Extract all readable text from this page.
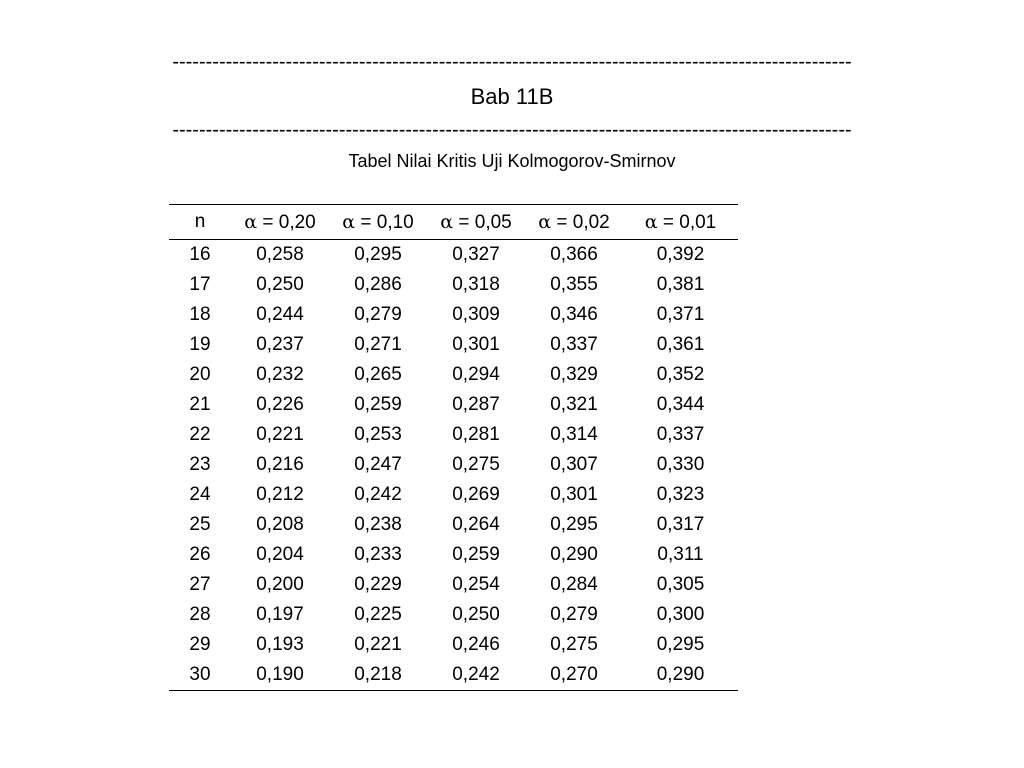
------------------------------------------------------------------------------------------------------
Bab 11B
------------------------------------------------------------------------------------------------------
Tabel Nilai Kritis Uji Kolmogorov-Smirnov
n	α = 0,20	α = 0,10	α = 0,05	α = 0,02	α = 0,01
16	0,258	0,295	0,327	0,366	0,392
17	0,250	0,286	0,318	0,355	0,381
18	0,244	0,279	0,309	0,346	0,371
19	0,237	0,271	0,301	0,337	0,361
20	0,232	0,265	0,294	0,329	0,352
21	0,226	0,259	0,287	0,321	0,344
22	0,221	0,253	0,281	0,314	0,337
23	0,216	0,247	0,275	0,307	0,330
24	0,212	0,242	0,269	0,301	0,323
25	0,208	0,238	0,264	0,295	0,317
26	0,204	0,233	0,259	0,290	0,311
27	0,200	0,229	0,254	0,284	0,305
28	0,197	0,225	0,250	0,279	0,300
29	0,193	0,221	0,246	0,275	0,295
30	0,190	0,218	0,242	0,270	0,290
